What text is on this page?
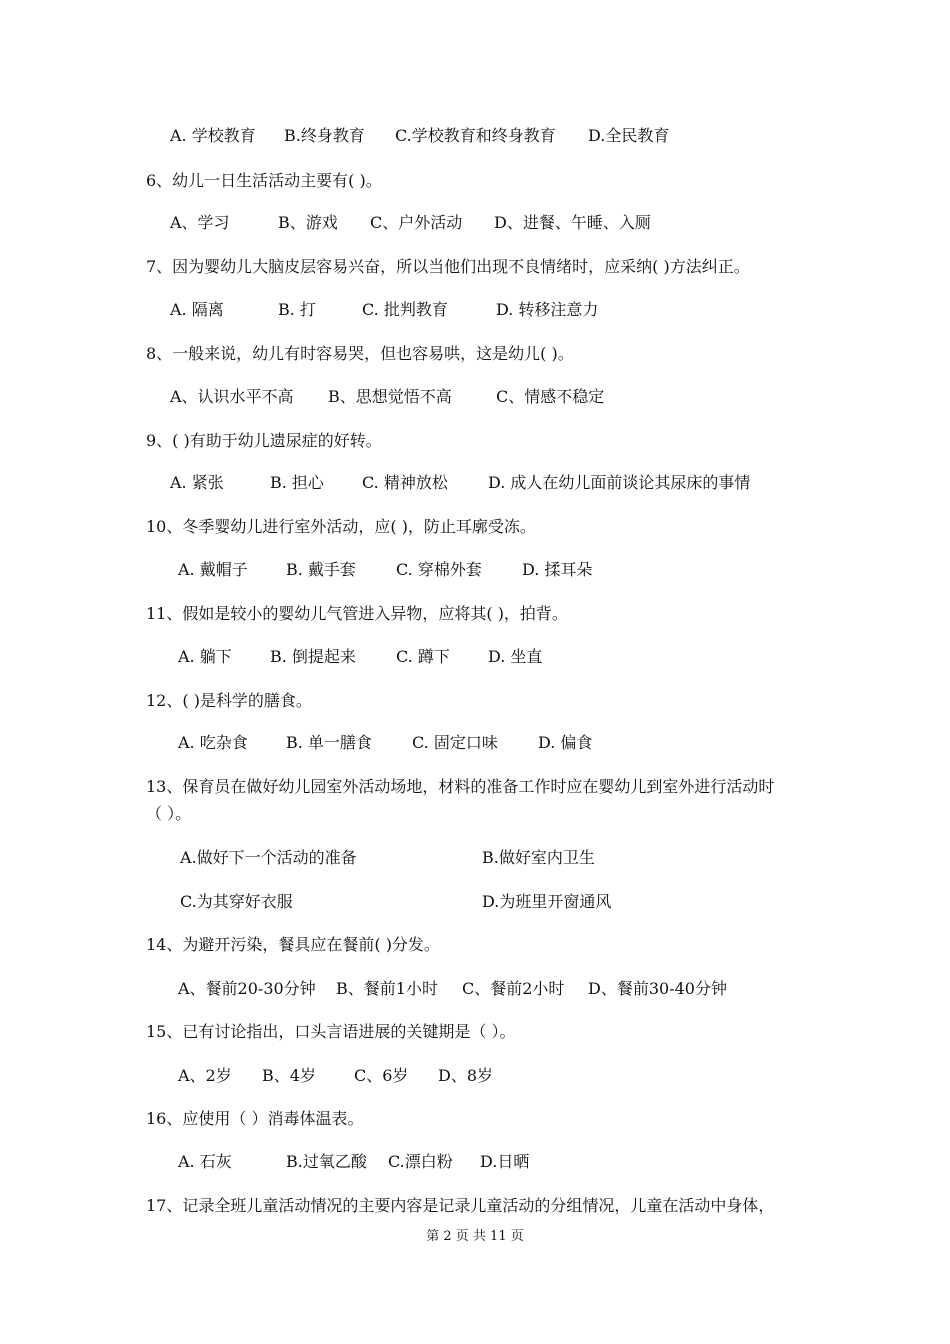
A. 学校教育 B.终身教育 C.学校教育和终身教育 D.全民教育
6、幼儿一日生活活动主要有( )。
A、学习	B、游戏 C、户外活动 D、进餐、午睡、入厕
7、因为婴幼儿大脑皮层容易兴奋，所以当他们出现不良情绪时，应采纳( )方法纠正。
A. 隔离	B. 打	C. 批判教育	D. 转移注意力
8、一般来说，幼儿有时容易哭，但也容易哄，这是幼儿( )。
A、认识水平不高 B、思想觉悟不高	C、情感不稳定
9、( )有助于幼儿遗尿症的好转。
A. 紧张	B. 担心 C. 精神放松	D. 成人在幼儿面前谈论其尿床的事情
10、冬季婴幼儿进行室外活动，应( )，防止耳廓受冻。
A. 戴帽子 B. 戴手套	C. 穿棉外套	D. 揉耳朵
11、假如是较小的婴幼儿气管进入异物，应将其( )，拍背。
A. 躺下 B. 倒提起来	C. 蹲下 D. 坐直
12、( )是科学的膳食。
A. 吃杂食 B. 单一膳食	C. 固定口味	D. 偏食
13、保育员在做好幼儿园室外活动场地，材料的准备工作时应在婴幼儿到室外进行活动时
（ ）。
A.做好下一个活动的准备	B.做好室内卫生
C.为其穿好衣服	D.为班里开窗通风
14、为避开污染，餐具应在餐前( )分发。
A、餐前20-30分钟 B、餐前1小时 C、餐前2小时 D、餐前30-40分钟
15、已有讨论指出，口头言语进展的关键期是（ ）。
A、2岁 B、4岁 C、6岁 D、8岁
16、应使用（ ）消毒体温表。
A. 石灰	B.过氧乙酸 C.漂白粉 D.日晒
17、记录全班儿童活动情况的主要内容是记录儿童活动的分组情况，儿童在活动中身体，
第 2 页 共 11 页
